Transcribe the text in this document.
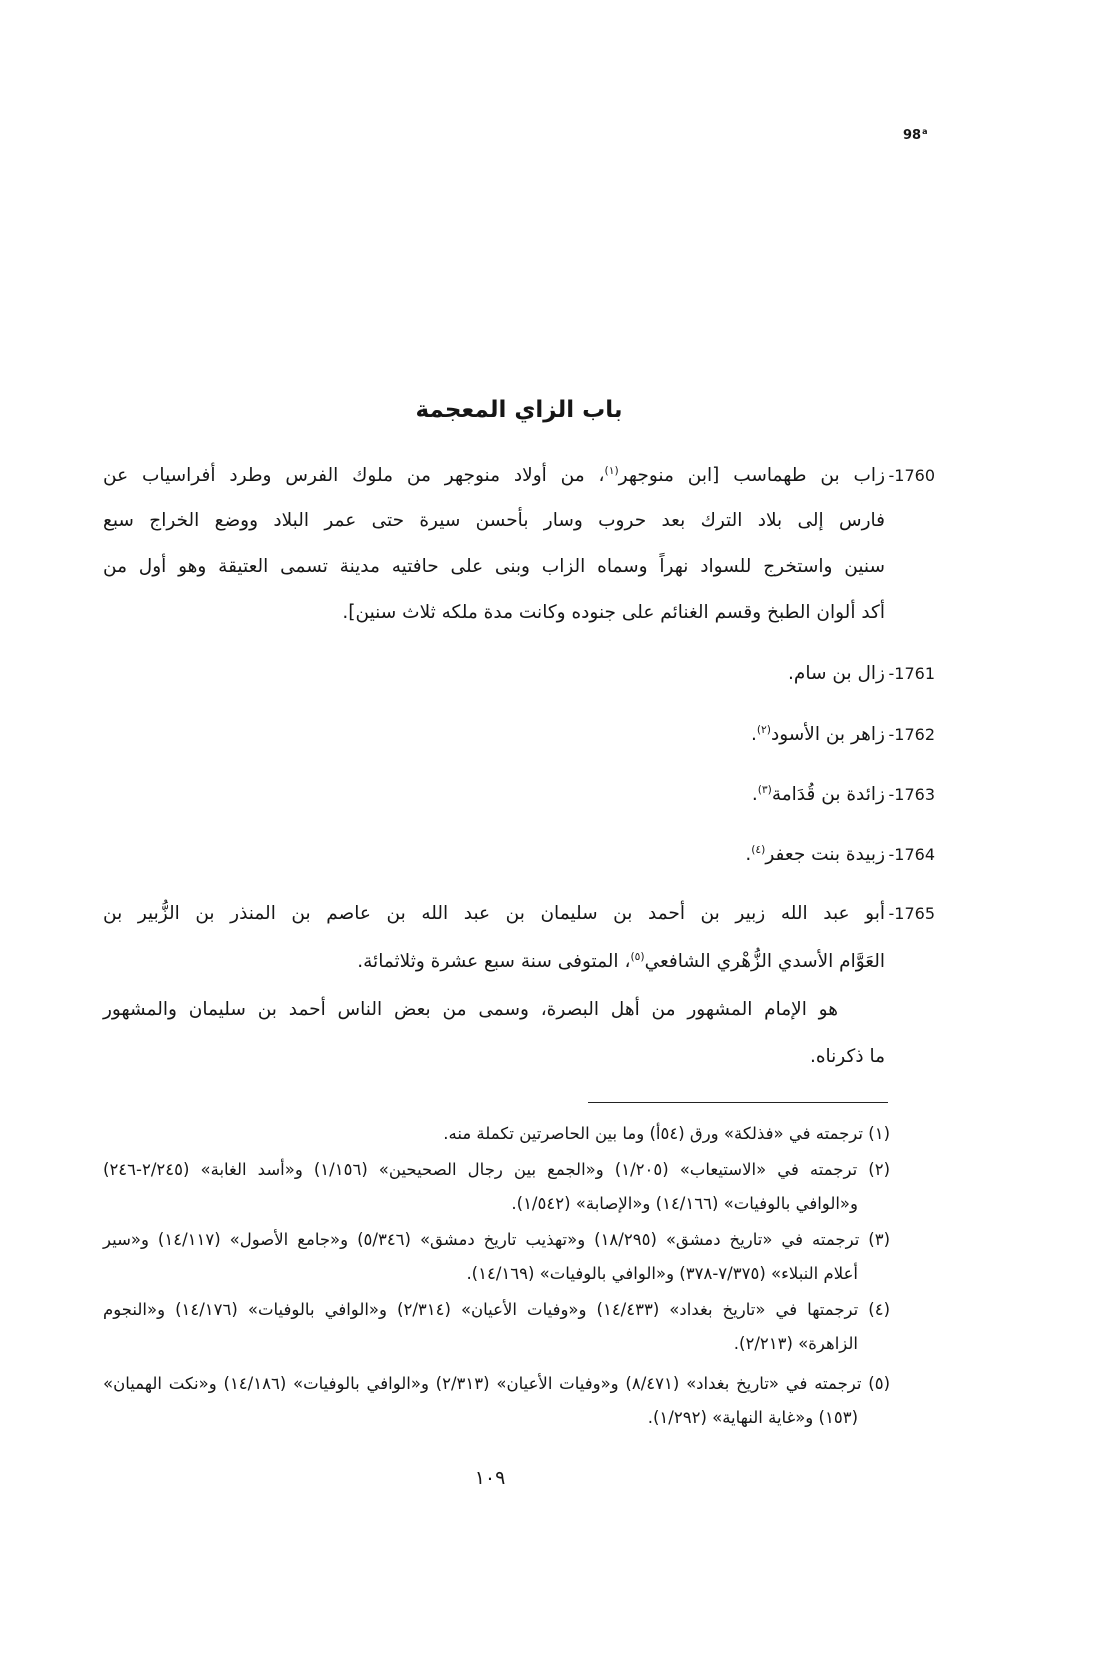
98$^a$
باب الزاي المعجمة
1760-
زاب بن طهماسب [ابن منوجهر$^{(١)}$، من أولاد منوجهر من ملوك الفرس وطرد أفراسياب عن
فارس إلى بلاد الترك بعد حروب وسار بأحسن سيرة حتى عمر البلاد ووضع الخراج سبع
سنين واستخرج للسواد نهراً وسماه الزاب وبنى على حافتيه مدينة تسمى العتيقة وهو أول من
أكد ألوان الطبخ وقسم الغنائم على جنوده وكانت مدة ملكه ثلاث سنين].
1761-
زال بن سام.
1762-
زاهر بن الأسود$^{(٢)}$.
1763-
زائدة بن قُدَامة$^{(٣)}$.
1764-
زبيدة بنت جعفر$^{(٤)}$.
1765-
أبو عبد الله زبير بن أحمد بن سليمان بن عبد الله بن عاصم بن المنذر بن الزُّبير بن
العَوَّام الأسدي الزُّهْري الشافعي$^{(٥)}$، المتوفى سنة سبع عشرة وثلاثمائة.
هو الإمام المشهور من أهل البصرة، وسمى من بعض الناس أحمد بن سليمان والمشهور
ما ذكرناه.
(١) ترجمته في «فذلكة» ورق (٥٤أ) وما بين الحاصرتين تكملة منه.
(٢) ترجمته في «الاستيعاب» (١/٢٠٥) و«الجمع بين رجال الصحيحين» (١/١٥٦) و«أسد الغابة» (٢/٢٤٥-٢٤٦)
و«الوافي بالوفيات» (١٤/١٦٦) و«الإصابة» (١/٥٤٢).
(٣) ترجمته في «تاريخ دمشق» (١٨/٢٩٥) و«تهذيب تاريخ دمشق» (٥/٣٤٦) و«جامع الأصول» (١٤/١١٧) و«سير
أعلام النبلاء» (٧/٣٧٥-٣٧٨) و«الوافي بالوفيات» (١٤/١٦٩).
(٤) ترجمتها في «تاريخ بغداد» (١٤/٤٣٣) و«وفيات الأعيان» (٢/٣١٤) و«الوافي بالوفيات» (١٤/١٧٦) و«النجوم
الزاهرة» (٢/٢١٣).
(٥) ترجمته في «تاريخ بغداد» (٨/٤٧١) و«وفيات الأعيان» (٢/٣١٣) و«الوافي بالوفيات» (١٤/١٨٦) و«نكت الهميان»
(١٥٣) و«غاية النهاية» (١/٢٩٢).
١٠٩
